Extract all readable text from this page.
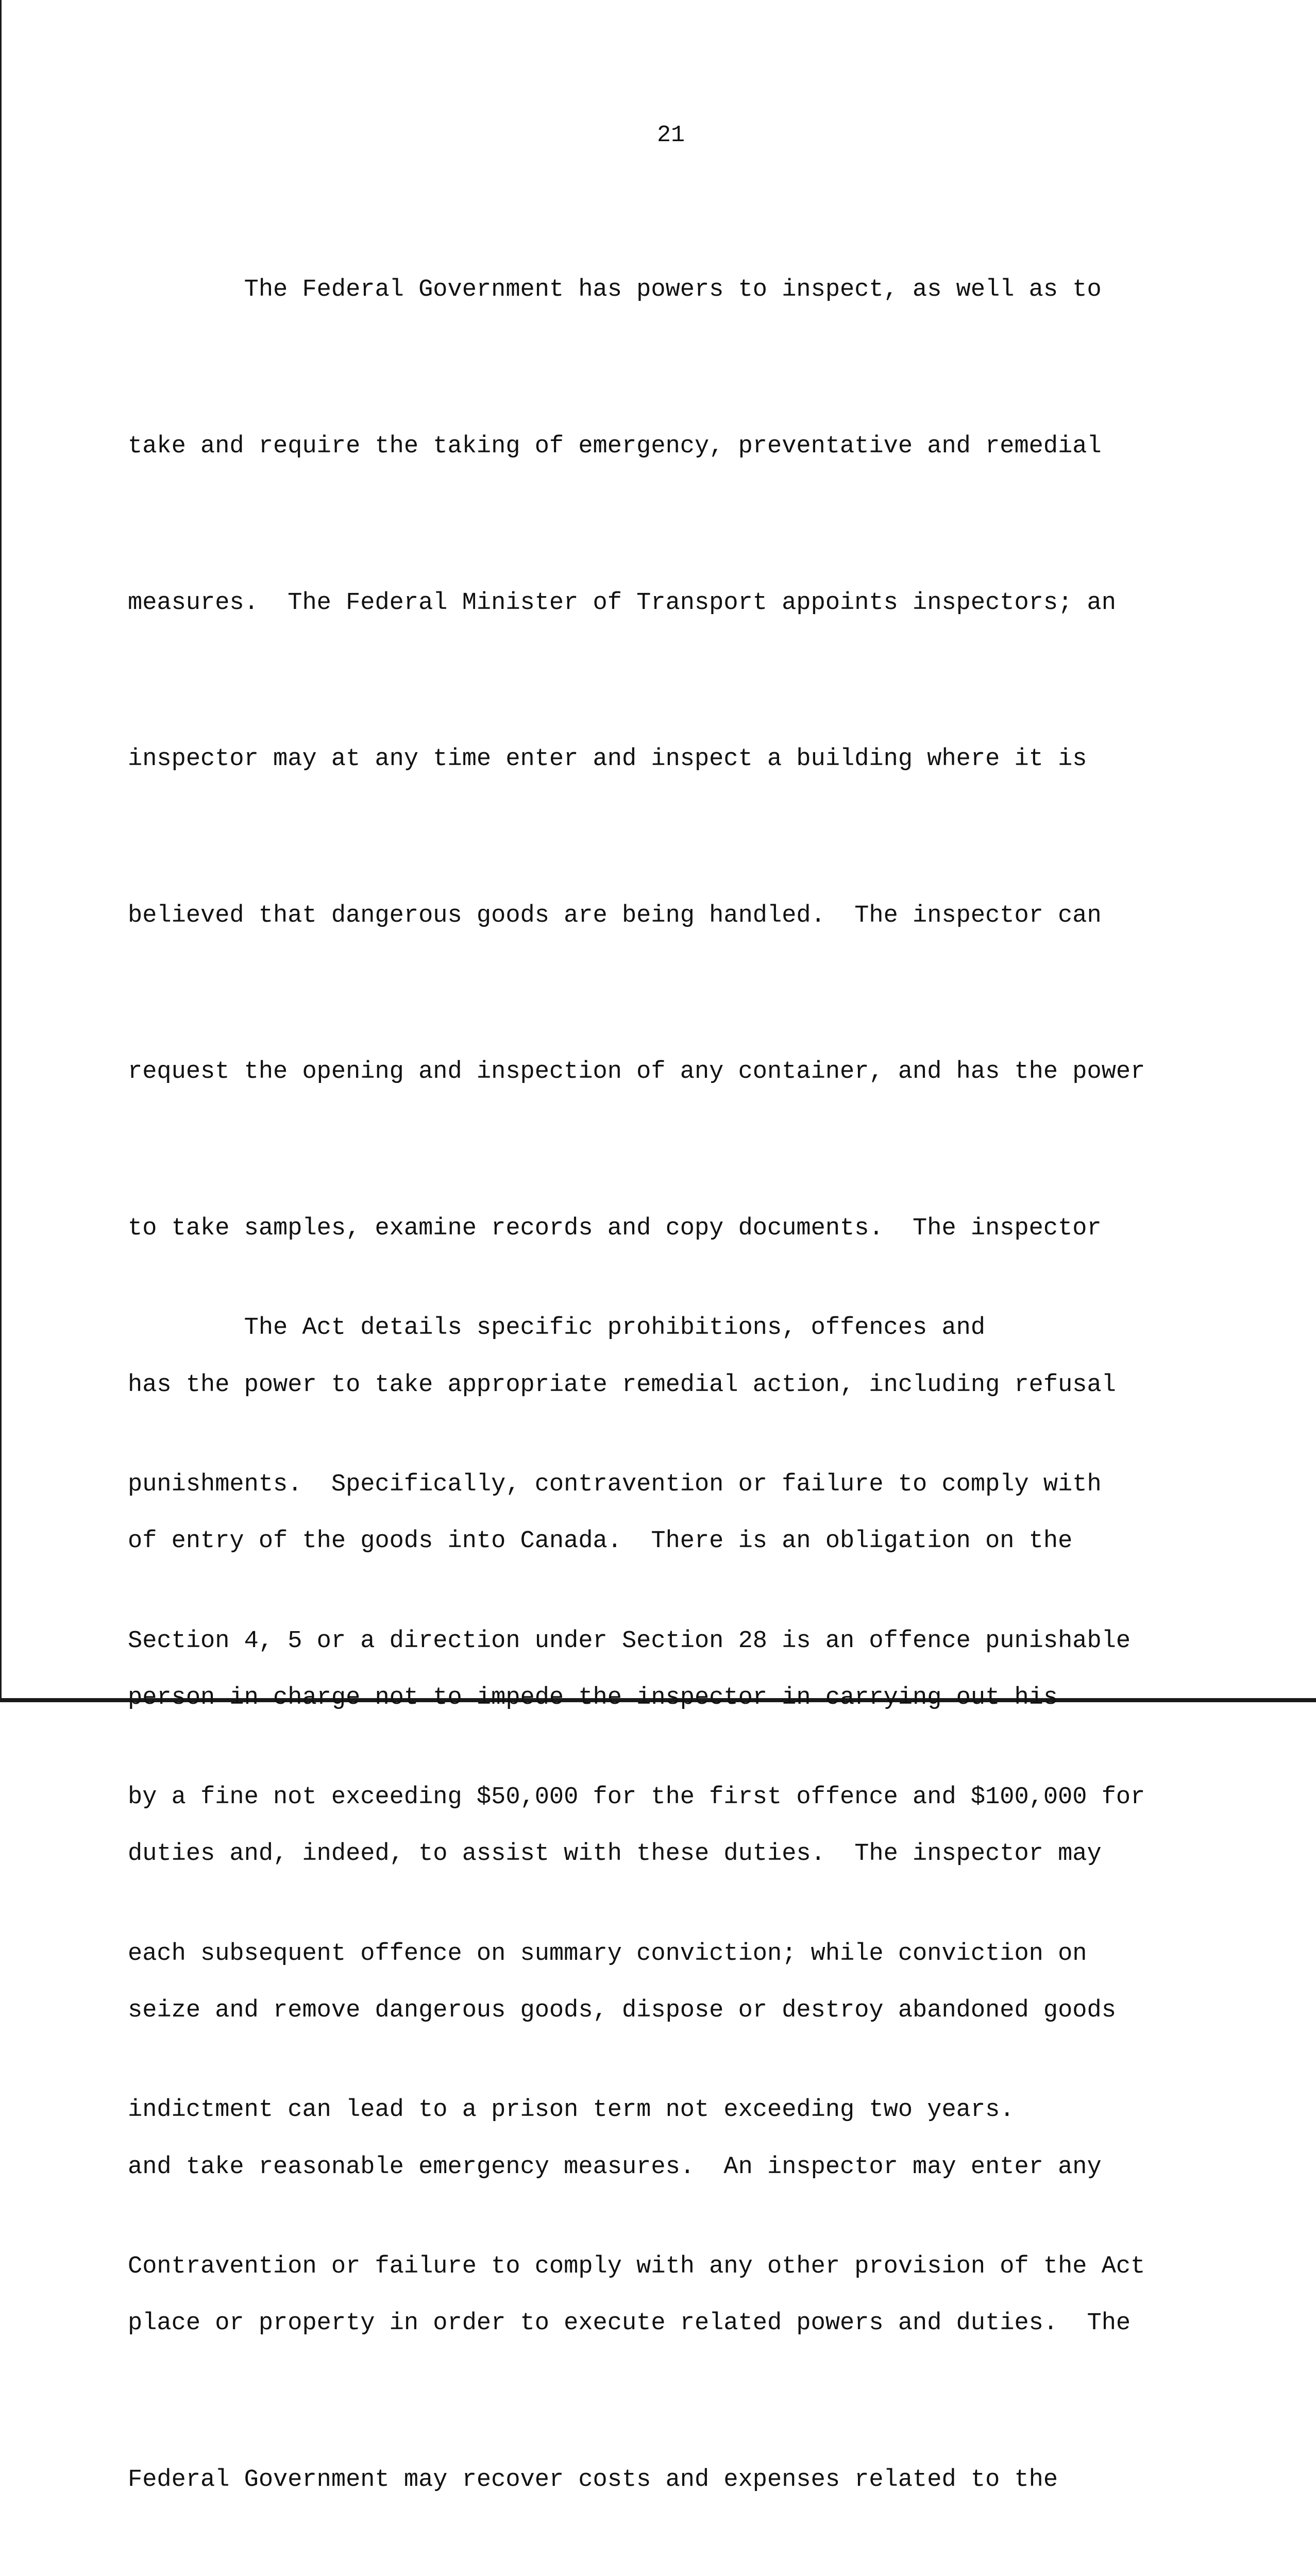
21

The Federal Government has powers to inspect, as well as to

take and require the taking of emergency, preventative and remedial

measures.  The Federal Minister of Transport appoints inspectors; an

inspector may at any time enter and inspect a building where it is

believed that dangerous goods are being handled.  The inspector can

request the opening and inspection of any container, and has the power

to take samples, examine records and copy documents.  The inspector

has the power to take appropriate remedial action, including refusal

of entry of the goods into Canada.  There is an obligation on the

person in charge not to impede the inspector in carrying out his

duties and, indeed, to assist with these duties.  The inspector may

seize and remove dangerous goods, dispose or destroy abandoned goods

and take reasonable emergency measures.  An inspector may enter any

place or property in order to execute related powers and duties.  The

Federal Government may recover costs and expenses related to the

The Act details specific prohibitions, offences and

punishments.  Specifically, contravention or failure to comply with

Section 4, 5 or a direction under Section 28 is an offence punishable

by a fine not exceeding $50,000 for the first offence and $100,000 for

each subsequent offence on summary conviction; while conviction on

indictment can lead to a prison term not exceeding two years.

Contravention or failure to comply with any other provision of the Act
